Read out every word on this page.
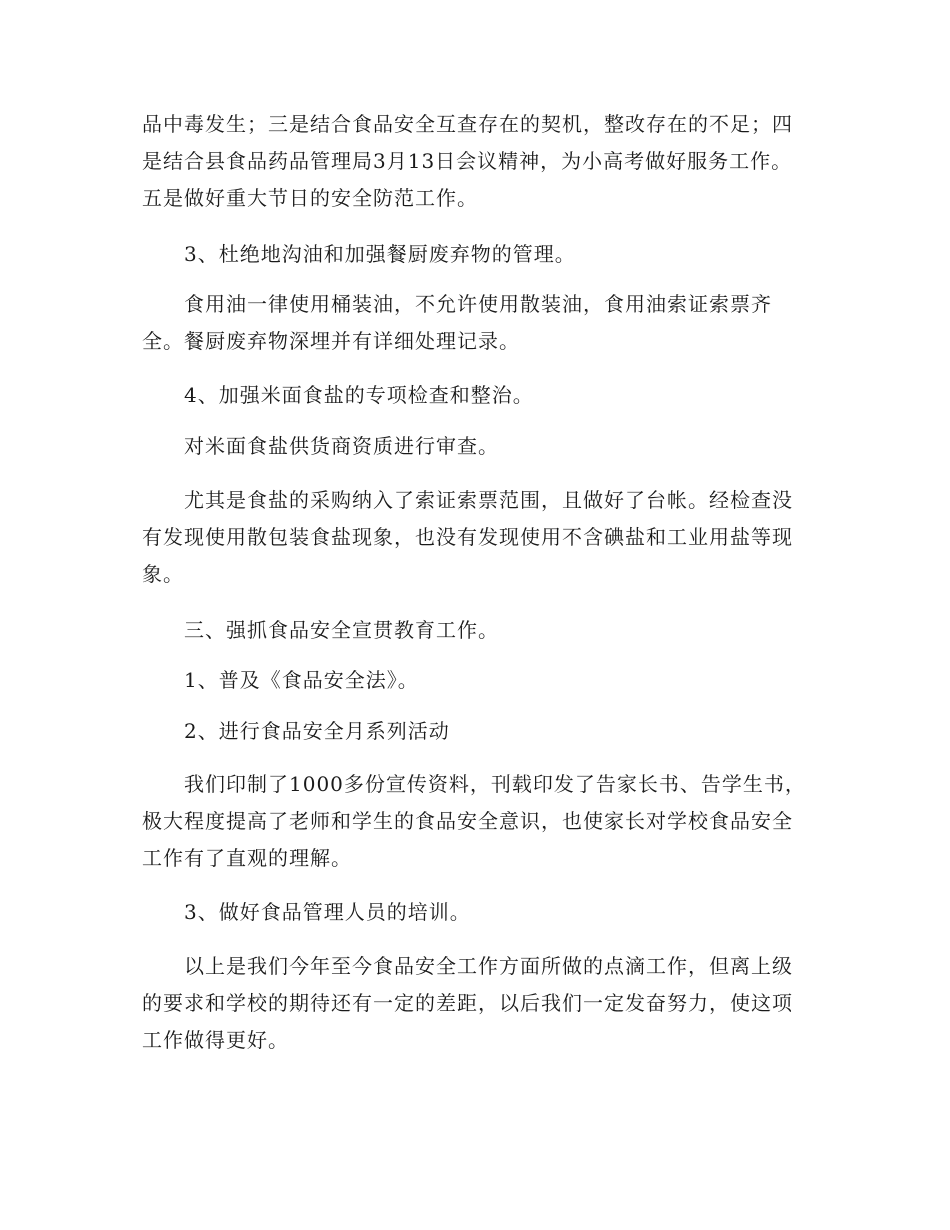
品中毒发生；三是结合食品安全互查存在的契机，整改存在的不足；四是结合县食品药品管理局3月13日会议精神，为小高考做好服务工作。五是做好重大节日的安全防范工作。

3、杜绝地沟油和加强餐厨废弃物的管理。

食用油一律使用桶装油，不允许使用散装油，食用油索证索票齐全。餐厨废弃物深埋并有详细处理记录。

4、加强米面食盐的专项检查和整治。

对米面食盐供货商资质进行审查。

尤其是食盐的采购纳入了索证索票范围，且做好了台帐。经检查没有发现使用散包装食盐现象，也没有发现使用不含碘盐和工业用盐等现象。

三、强抓食品安全宣贯教育工作。

1、普及《食品安全法》。

2、进行食品安全月系列活动

我们印制了1000多份宣传资料，刊载印发了告家长书、告学生书，极大程度提高了老师和学生的食品安全意识，也使家长对学校食品安全工作有了直观的理解。

3、做好食品管理人员的培训。

以上是我们今年至今食品安全工作方面所做的点滴工作，但离上级的要求和学校的期待还有一定的差距，以后我们一定发奋努力，使这项工作做得更好。
